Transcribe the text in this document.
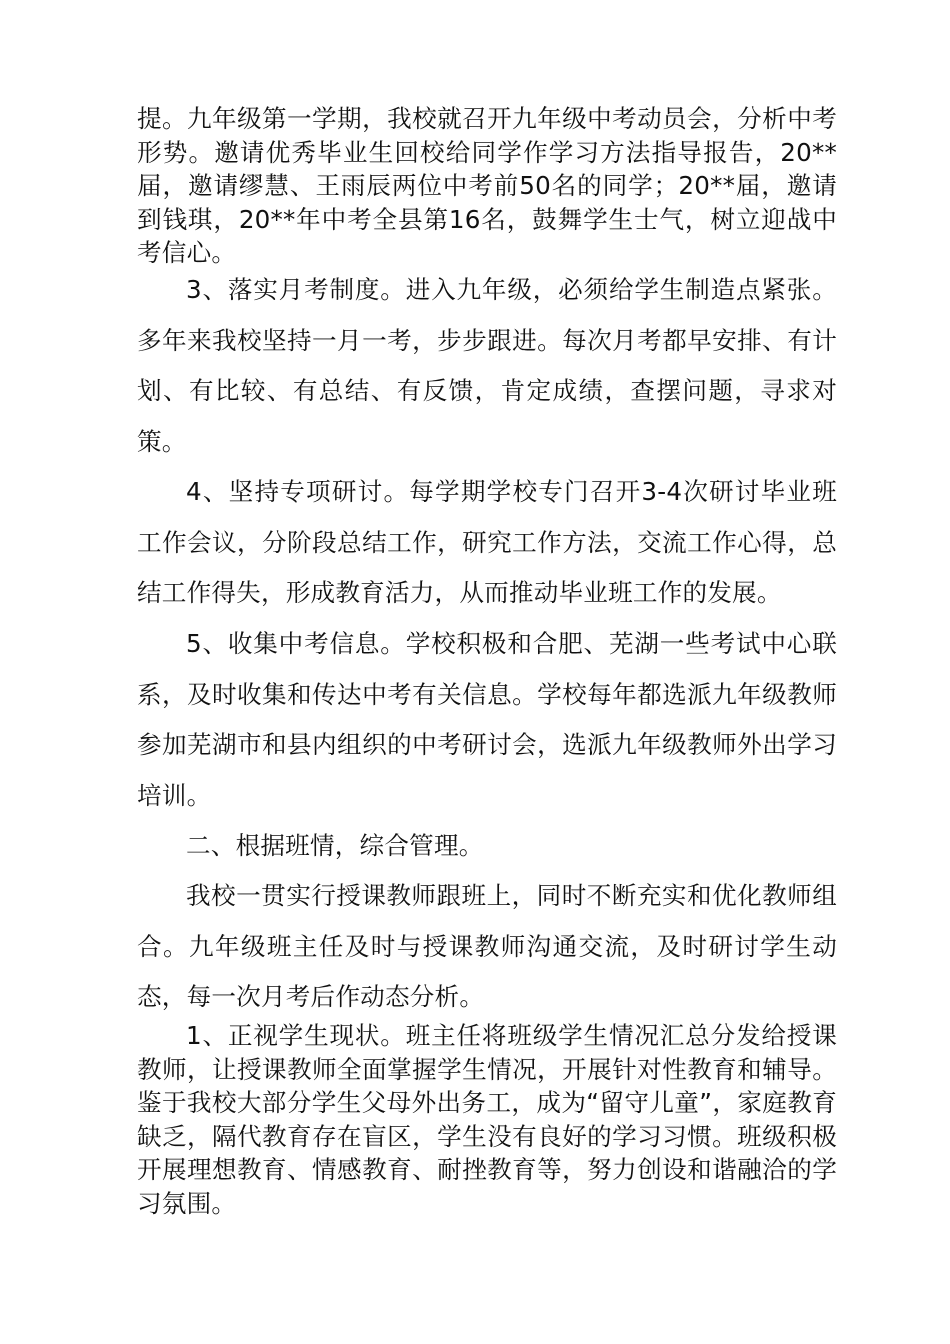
提。九年级第一学期，我校就召开九年级中考动员会，分析中考形势。邀请优秀毕业生回校给同学作学习方法指导报告，20**届，邀请缪慧、王雨辰两位中考前50名的同学；20**届，邀请到钱琪，20**年中考全县第16名，鼓舞学生士气，树立迎战中考信心。

3、落实月考制度。进入九年级，必须给学生制造点紧张。多年来我校坚持一月一考，步步跟进。每次月考都早安排、有计划、有比较、有总结、有反馈，肯定成绩，查摆问题，寻求对策。

4、坚持专项研讨。每学期学校专门召开3-4次研讨毕业班工作会议，分阶段总结工作，研究工作方法，交流工作心得，总结工作得失，形成教育活力，从而推动毕业班工作的发展。

5、收集中考信息。学校积极和合肥、芜湖一些考试中心联系，及时收集和传达中考有关信息。学校每年都选派九年级教师参加芜湖市和县内组织的中考研讨会，选派九年级教师外出学习培训。

二、根据班情，综合管理。

我校一贯实行授课教师跟班上，同时不断充实和优化教师组合。九年级班主任及时与授课教师沟通交流，及时研讨学生动态，每一次月考后作动态分析。

1、正视学生现状。班主任将班级学生情况汇总分发给授课教师，让授课教师全面掌握学生情况，开展针对性教育和辅导。鉴于我校大部分学生父母外出务工，成为“留守儿童”，家庭教育缺乏，隔代教育存在盲区，学生没有良好的学习习惯。班级积极开展理想教育、情感教育、耐挫教育等，努力创设和谐融洽的学习氛围。
